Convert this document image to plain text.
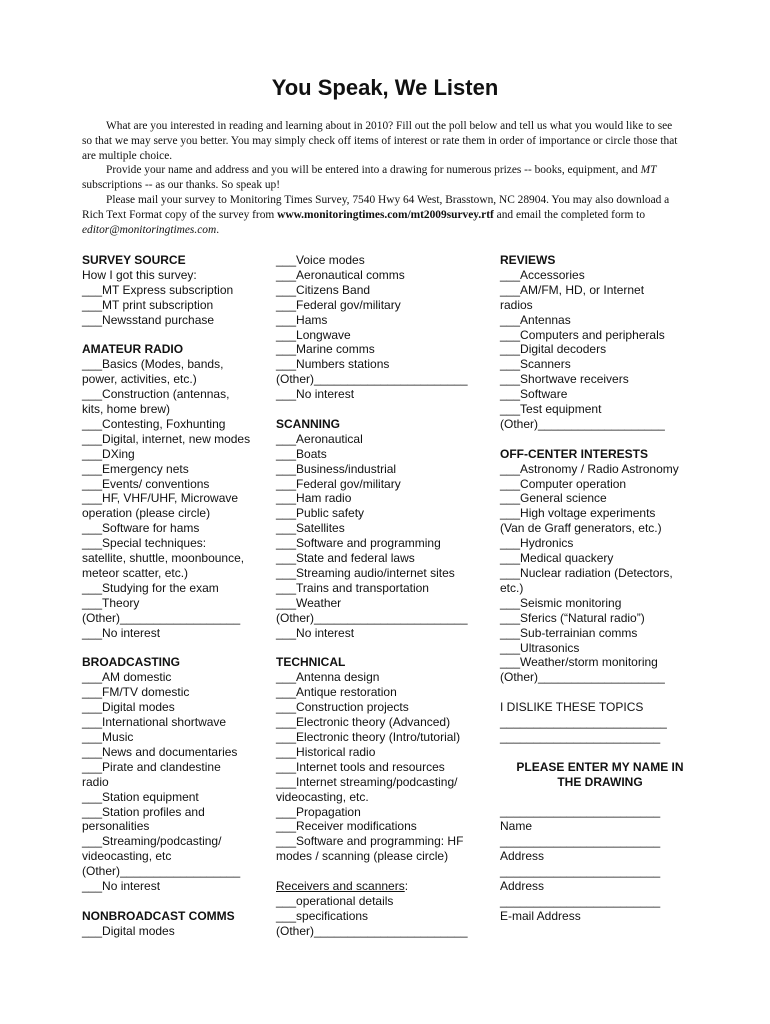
You Speak, We Listen

What are you interested in reading and learning about in 2010? Fill out the poll below and tell us what you would like to see so that we may serve you better. You may simply check off items of interest or rate them in order of importance or circle those that are multiple choice.

Provide your name and address and you will be entered into a drawing for numerous prizes -- books, equipment, and MT subscriptions -- as our thanks. So speak up!

Please mail your survey to Monitoring Times Survey, 7540 Hwy 64 West, Brasstown, NC 28904. You may also download a Rich Text Format copy of the survey from www.monitoringtimes.com/mt2009survey.rtf and email the completed form to editor@monitoringtimes.com.

SURVEY SOURCE
How I got this survey:
___MT Express subscription
___MT print subscription
___Newsstand purchase
AMATEUR RADIO
___Basics (Modes, bands,
power, activities, etc.)
___Construction (antennas,
kits, home brew)
___Contesting, Foxhunting
___Digital, internet, new modes
___DXing
___Emergency nets
___Events/ conventions
___HF, VHF/UHF, Microwave
operation (please circle)
___Software for hams
___Special techniques:
satellite, shuttle, moonbounce,
meteor scatter, etc.)
___Studying for the exam
___Theory
(Other)__________________
___No interest
BROADCASTING
___AM domestic
___FM/TV domestic
___Digital modes
___International shortwave
___Music
___News and documentaries
___Pirate and clandestine
radio
___Station equipment
___Station profiles and
personalities
___Streaming/podcasting/
videocasting, etc
(Other)__________________
___No interest
NONBROADCAST COMMS
___Digital modes
___Voice modes
___Aeronautical comms
___Citizens Band
___Federal gov/military
___Hams
___Longwave
___Marine comms
___Numbers stations
(Other)_______________________
___No interest
SCANNING
___Aeronautical
___Boats
___Business/industrial
___Federal gov/military
___Ham radio
___Public safety
___Satellites
___Software and programming
___State and federal laws
___Streaming audio/internet sites
___Trains and transportation
___Weather
(Other)_______________________
___No interest
TECHNICAL
___Antenna design
___Antique restoration
___Construction projects
___Electronic theory (Advanced)
___Electronic theory (Intro/tutorial)
___Historical radio
___Internet tools and resources
___Internet streaming/podcasting/
videocasting, etc.
___Propagation
___Receiver modifications
___Software and programming: HF
modes / scanning (please circle)
Receivers and scanners:
___operational details
___specifications
(Other)_______________________
REVIEWS
___Accessories
___AM/FM, HD, or Internet
radios
___Antennas
___Computers and peripherals
___Digital decoders
___Scanners
___Shortwave receivers
___Software
___Test equipment
(Other)___________________
OFF-CENTER INTERESTS
___Astronomy / Radio Astronomy
___Computer operation
___General science
___High voltage experiments
(Van de Graff generators, etc.)
___Hydronics
___Medical quackery
___Nuclear radiation (Detectors,
etc.)
___Seismic monitoring
___Sferics (“Natural radio”)
___Sub-terrainian comms
___Ultrasonics
___Weather/storm monitoring
(Other)___________________
I DISLIKE THESE TOPICS
_________________________
________________________
PLEASE ENTER MY NAME IN
THE DRAWING

________________________
Name
________________________
Address
________________________
Address
________________________
E-mail Address
